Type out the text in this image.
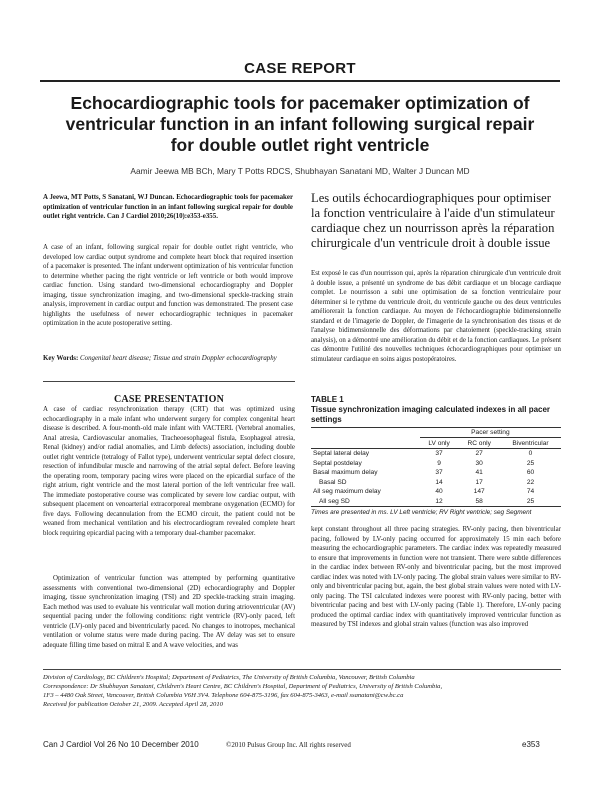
CASE REPORT
Echocardiographic tools for pacemaker optimization of ventricular function in an infant following surgical repair for double outlet right ventricle
Aamir Jeewa MB BCh, Mary T Potts RDCS, Shubhayan Sanatani MD, Walter J Duncan MD
A Jeewa, MT Potts, S Sanatani, WJ Duncan. Echocardiographic tools for pacemaker optimization of ventricular function in an infant following surgical repair for double outlet right ventricle. Can J Cardiol 2010;26(10):e353-e355.
A case of an infant, following surgical repair for double outlet right ventricle, who developed low cardiac output syndrome and complete heart block that required insertion of a pacemaker is presented. The infant underwent optimization of his ventricular function to determine whether pacing the right ventricle or left ventricle or both would improve cardiac function. Using standard two-dimensional echocardiography and Doppler imaging, tissue synchronization imaging, and two-dimensional speckle-tracking strain analysis, improvement in cardiac output and function was demonstrated. The present case highlights the usefulness of newer echocardiographic techniques in pacemaker optimization in the acute postoperative setting.
Key Words: Congenital heart disease; Tissue and strain Doppler echocardiography
Les outils échocardiographiques pour optimiser la fonction ventriculaire à l'aide d'un stimulateur cardiaque chez un nourrisson après la réparation chirurgicale d'un ventricule droit à double issue
Est exposé le cas d'un nourrisson qui, après la réparation chirurgicale d'un ventricule droit à double issue, a présenté un syndrome de bas débit cardiaque et un blocage cardiaque complet. Le nourrisson a subi une optimisation de sa fonction ventriculaire pour déterminer si le rythme du ventricule droit, du ventricule gauche ou des deux ventricules améliorerait la fonction cardiaque. Au moyen de l'échocardiographie bidimensionnelle standard et de l'imagerie de Doppler, de l'imagerie de la synchronisation des tissus et de l'analyse bidimensionnelle des déformations par chatoiement (speckle-tracking strain analysis), on a démontré une amélioration du débit et de la fonction cardiaques. Le présent cas démontre l'utilité des nouvelles techniques échocardiographiques pour optimiser un stimulateur cardiaque en soins aigus postopératoires.
CASE PRESENTATION
A case of cardiac resynchronization therapy (CRT) that was optimized using echocardiography in a male infant who underwent surgery for complex congenital heart disease is described. A four-month-old male infant with VACTERL (Vertebral anomalies, Anal atresia, Cardiovascular anomalies, Tracheoesophageal fistula, Esophageal atresia, Renal (kidney) and/or radial anomalies, and Limb defects) association, including double outlet right ventricle (tetralogy of Fallot type), underwent ventricular septal defect closure, resection of infundibular muscle and narrowing of the atrial septal defect. Before leaving the operating room, temporary pacing wires were placed on the epicardial surface of the right atrium, right ventricle and the most lateral portion of the left ventricular free wall. The immediate postoperative course was complicated by severe low cardiac output, with subsequent placement on venoarterial extracorporeal membrane oxygenation (ECMO) for five days. Following decannulation from the ECMO circuit, the patient could not be weaned from mechanical ventilation and his electrocardiogram revealed complete heart block requiring epicardial pacing with a temporary dual-chamber pacemaker.
Optimization of ventricular function was attempted by performing quantitative assessments with conventional two-dimensional (2D) echocardiography and Doppler imaging, tissue synchronization imaging (TSI) and 2D speckle-tracking strain imaging. Each method was used to evaluate his ventricular wall motion during atrioventricular (AV) sequential pacing under the following conditions: right ventricle (RV)-only paced, left ventricle (LV)-only paced and biventricularly paced. No changes to inotropes, mechanical ventilation or volume status were made during pacing. The AV delay was set to ensure adequate filling time based on mitral E and A wave velocities, and was
TABLE 1
Tissue synchronization imaging calculated indexes in all pacer settings
	Pacer setting		
	LV only	RC only	Biventricular
Septal lateral delay	37	27	0
Septal postdelay	9	30	25
Basal maximum delay	37	41	60
Basal SD	14	17	22
All seg maximum delay	40	147	74
All seg SD	12	58	25
Times are presented in ms. LV Left ventricle; RV Right ventricle; seg Segment
kept constant throughout all three pacing strategies. RV-only pacing, then biventricular pacing, followed by LV-only pacing occurred for approximately 15 min each before measuring the echocardiographic parameters. The cardiac index was repeatedly measured to ensure that improvements in function were not transient. There were subtle differences in the cardiac index between RV-only and biventricular pacing, but the most improved cardiac index was noted with LV-only pacing. The global strain values were similar to RV-only and biventricular pacing but, again, the best global strain values were noted with LV-only pacing. The TSI calculated indexes were poorest with RV-only pacing, better with biventricular pacing and best with LV-only pacing (Table 1). Therefore, LV-only pacing produced the optimal cardiac index with quantitatively improved ventricular function as measured by TSI indexes and global strain values (function was also improved
Division of Cardiology, BC Children's Hospital; Department of Pediatrics, The University of British Columbia, Vancouver, British Columbia
Correspondence: Dr Shubhayan Sanatani, Children's Heart Centre, BC Children's Hospital, Department of Pediatrics, University of British Columbia,
1F3 – 4480 Oak Street, Vancouver, British Columbia V6H 3V4. Telephone 604-875-3196, fax 604-875-3463, e-mail ssanatani@cw.bc.ca
Received for publication October 21, 2009. Accepted April 28, 2010
Can J Cardiol Vol 26 No 10 December 2010	©2010 Pulsus Group Inc. All rights reserved	e353
